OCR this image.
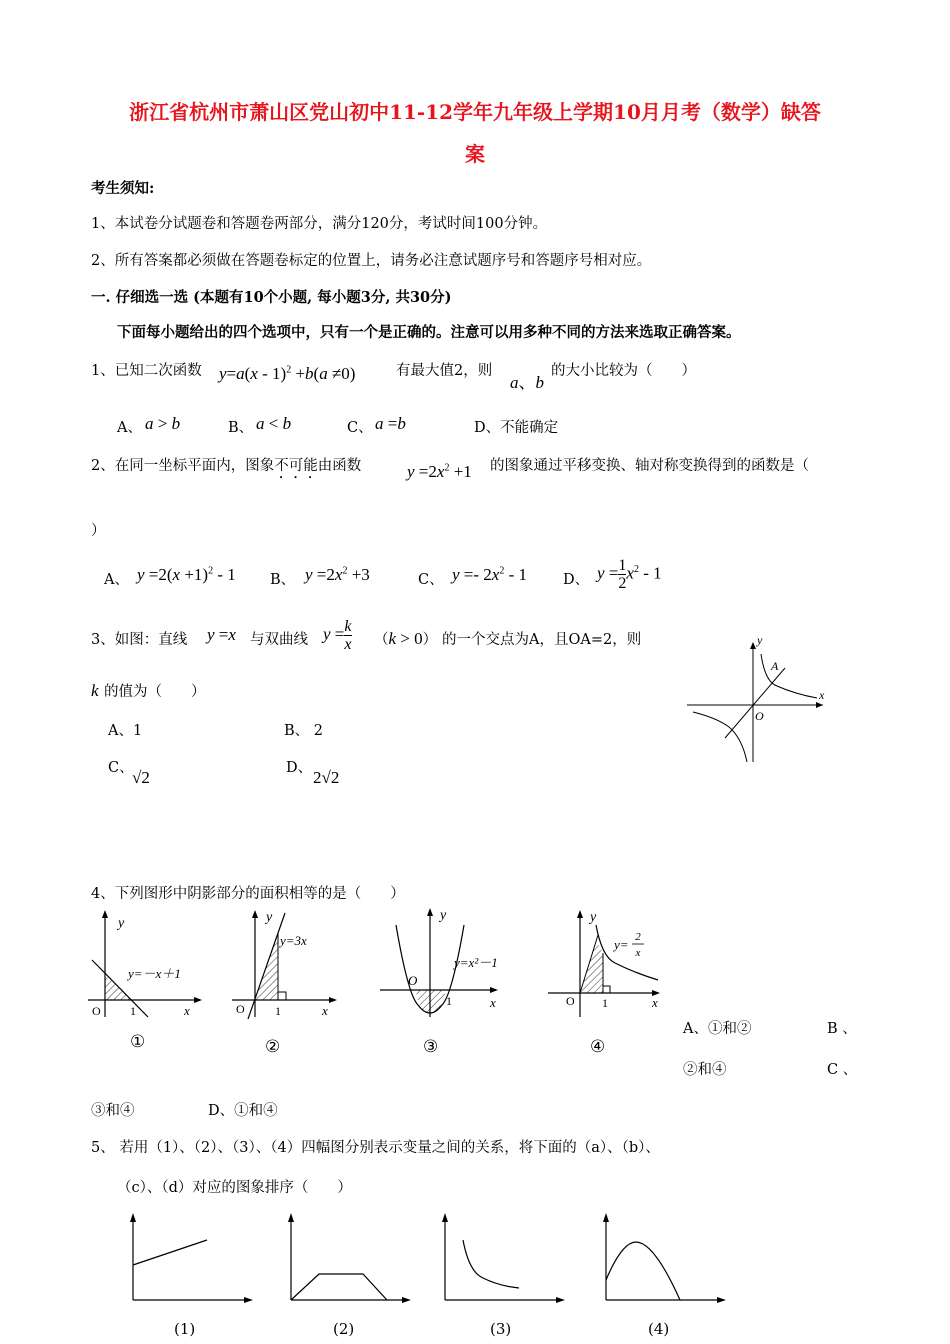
浙江省杭州市萧山区党山初中11-12学年九年级上学期10月月考（数学）缺答
案
考生须知:
1、本试卷分试题卷和答题卷两部分，满分120分，考试时间100分钟。
2、所有答案都必须做在答题卷标定的位置上，请务必注意试题序号和答题序号相对应。
一. 仔细选一选 (本题有10个小题, 每小题3分, 共30分)
下面每小题给出的四个选项中，只有一个是正确的。注意可以用多种不同的方法来选取正确答案。
1、已知二次函数 y=a(x - 1)$^2$ +b(a ≠0)	有最大值2，则
a、b
的大小比较为（　　）
A、 a > b	B、 a < b	C、 a =b	D、不能确定
2、在同一坐标平面内，图象不可能由函数	$y =2x^2 +1$ 的图象通过平移变换、轴对称变换得到的函数是（
）
A、 $y =2(x +1)^2 - 1$ B、 $y =2x^2 +3$	C、 $y =- 2x^2 - 1$ D、 $y = \frac{1}{2} x^2 - 1$
3、如图：直线 y =x 与双曲线 $y = \frac{k}{x} (k > 0)$ 的一个交点为A，且OA=2，则
k 的值为（　　）
A、1	B、 2
C、
√2	D、 2√2
y
x
A
O
4、下列图形中阴影部分的面积相等的是（　　）
y
x
O 1
y=－x＋1
y
x
O	1
y=3x
y
x
O
1
y=x²－1
y
x
O 1
y= 2
x
①	②	③	④
A、①和②	B 、
②和④	C 、
③和④	D、①和④
5、 若用（1）、（2）、（3）、（4）四幅图分别表示变量之间的关系，将下面的（a）、（b）、
（c）、（d）对应的图象排序（　　）
(1)	(2)	(3)	(4)
